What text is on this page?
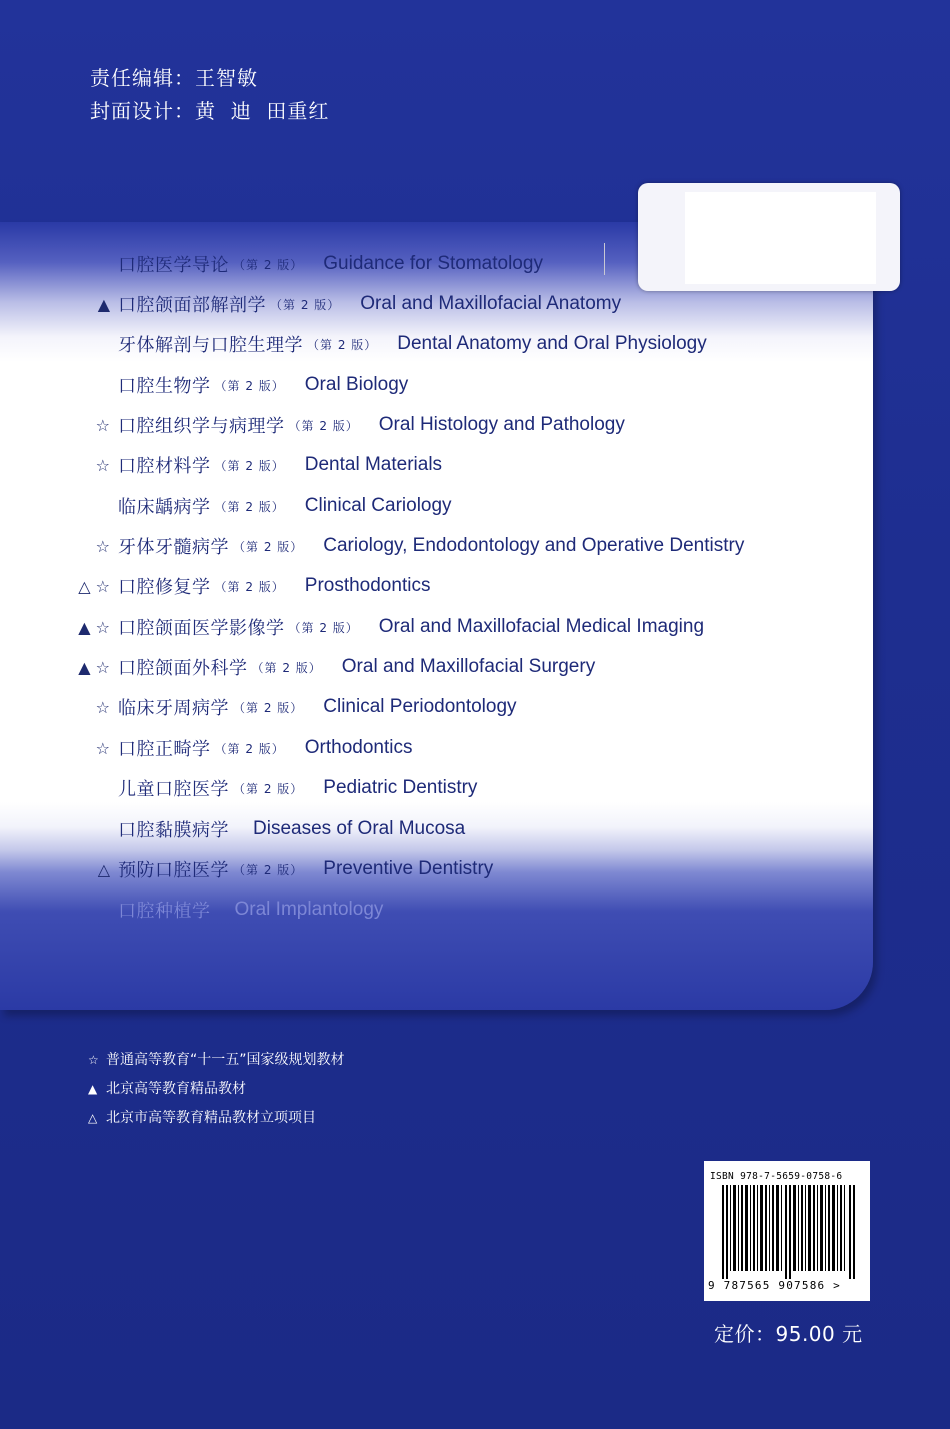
责任编辑：王智敏
封面设计：黄  迪  田重红
口腔医学导论 （第 2 版） Guidance for Stomatology
▲ 口腔颌面部解剖学 （第 2 版） Oral and Maxillofacial Anatomy
牙体解剖与口腔生理学 （第 2 版） Dental Anatomy and Oral Physiology
口腔生物学 （第 2 版） Oral Biology
☆ 口腔组织学与病理学 （第 2 版） Oral Histology and Pathology
☆ 口腔材料学 （第 2 版） Dental Materials
临床龋病学 （第 2 版） Clinical Cariology
☆ 牙体牙髓病学 （第 2 版） Cariology, Endodontology and Operative Dentistry
△ ☆ 口腔修复学 （第 2 版） Prosthodontics
▲ ☆ 口腔颌面医学影像学 （第 2 版） Oral and Maxillofacial Medical Imaging
▲ ☆ 口腔颌面外科学 （第 2 版） Oral and Maxillofacial Surgery
☆ 临床牙周病学 （第 2 版） Clinical Periodontology
☆ 口腔正畸学 （第 2 版） Orthodontics
儿童口腔医学 （第 2 版） Pediatric Dentistry
口腔黏膜病学 Diseases of Oral Mucosa
△ 预防口腔医学 （第 2 版） Preventive Dentistry
口腔种植学 Oral Implantology
☆ 普通高等教育“十一五”国家级规划教材
▲ 北京高等教育精品教材
△ 北京市高等教育精品教材立项项目
ISBN 978-7-5659-0758-6
9 787565 907586 >
定价：95.00 元
